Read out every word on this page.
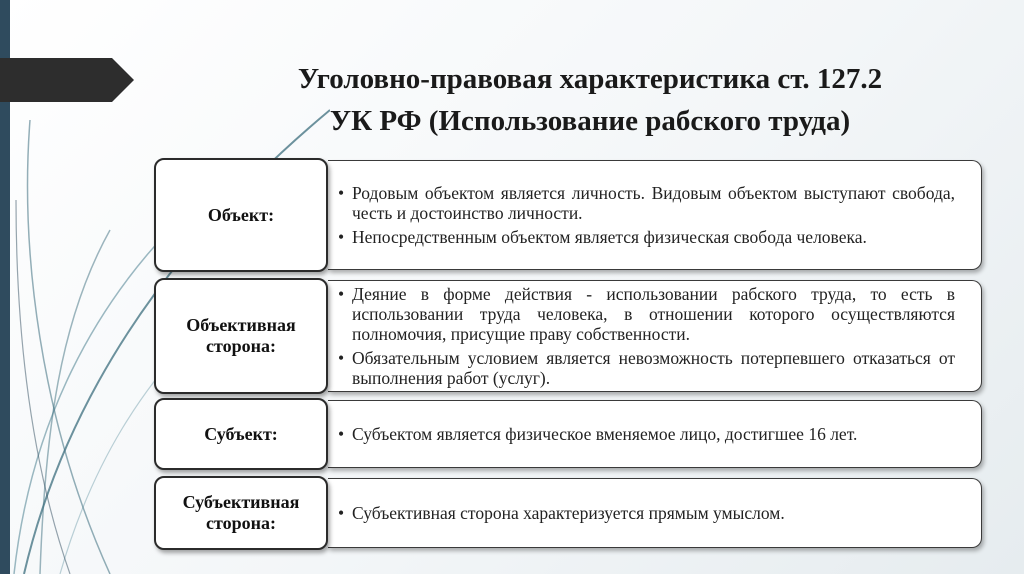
Уголовно-правовая характеристика ст. 127.2
УК РФ (Использование рабского труда)
Объект:
• Родовым объектом является личность. Видовым объектом выступают свобода, честь и достоинство личности.
• Непосредственным объектом является физическая свобода человека.
Объективная сторона:
• Деяние в форме действия - использовании рабского труда, то есть в использовании труда человека, в отношении которого осуществляются полномочия, присущие праву собственности.
• Обязательным условием является невозможность потерпевшего отказаться от выполнения работ (услуг).
Субъект:	• Субъектом является физическое вменяемое лицо, достигшее 16 лет.
Субъективная сторона:	• Субъективная сторона характеризуется прямым умыслом.
